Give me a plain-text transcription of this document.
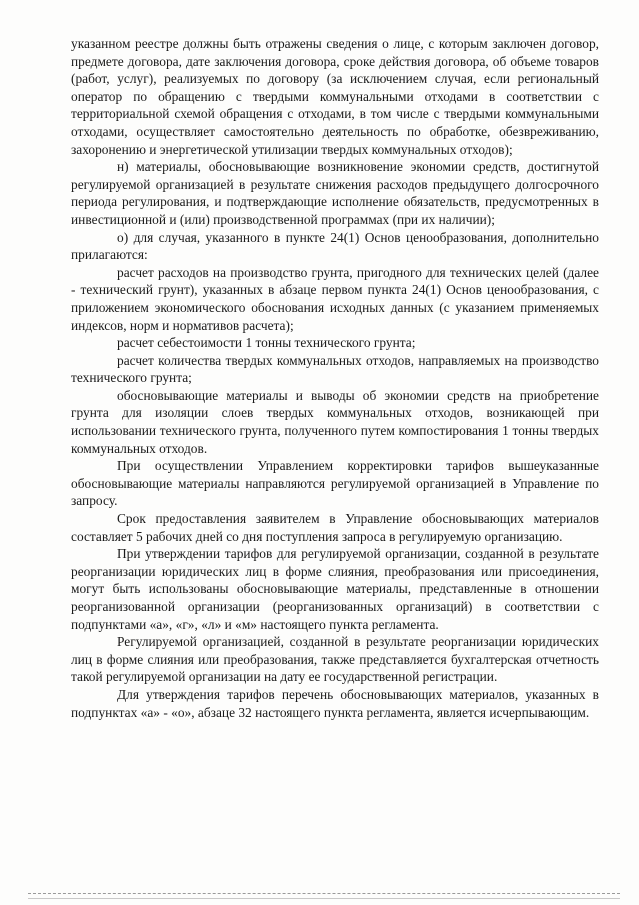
указанном реестре должны быть отражены сведения о лице, с которым заключен договор, предмете договора, дате заключения договора, сроке действия договора, об объеме товаров (работ, услуг), реализуемых по договору (за исключением случая, если региональный оператор по обращению с твердыми коммунальными отходами в соответствии с территориальной схемой обращения с отходами, в том числе с твердыми коммунальными отходами, осуществляет самостоятельно деятельность по обработке, обезвреживанию, захоронению и энергетической утилизации твердых коммунальных отходов);

н) материалы, обосновывающие возникновение экономии средств, достигнутой регулируемой организацией в результате снижения расходов предыдущего долгосрочного периода регулирования, и подтверждающие исполнение обязательств, предусмотренных в инвестиционной и (или) производственной программах (при их наличии);

о) для случая, указанного в пункте 24(1) Основ ценообразования, дополнительно прилагаются:

расчет расходов на производство грунта, пригодного для технических целей (далее - технический грунт), указанных в абзаце первом пункта 24(1) Основ ценообразования, с приложением экономического обоснования исходных данных (с указанием применяемых индексов, норм и нормативов расчета);

расчет себестоимости 1 тонны технического грунта;

расчет количества твердых коммунальных отходов, направляемых на производство технического грунта;

обосновывающие материалы и выводы об экономии средств на приобретение грунта для изоляции слоев твердых коммунальных отходов, возникающей при использовании технического грунта, полученного путем компостирования 1 тонны твердых коммунальных отходов.

При осуществлении Управлением корректировки тарифов вышеуказанные обосновывающие материалы направляются регулируемой организацией в Управление по запросу.

Срок предоставления заявителем в Управление обосновывающих материалов составляет 5 рабочих дней со дня поступления запроса в регулируемую организацию.

При утверждении тарифов для регулируемой организации, созданной в результате реорганизации юридических лиц в форме слияния, преобразования или присоединения, могут быть использованы обосновывающие материалы, представленные в отношении реорганизованной организации (реорганизованных организаций) в соответствии с подпунктами «а», «г», «л» и «м» настоящего пункта регламента.

Регулируемой организацией, созданной в результате реорганизации юридических лиц в форме слияния или преобразования, также представляется бухгалтерская отчетность такой регулируемой организации на дату ее государственной регистрации.

Для утверждения тарифов перечень обосновывающих материалов, указанных в подпунктах «а» - «о», абзаце 32 настоящего пункта регламента, является исчерпывающим.
